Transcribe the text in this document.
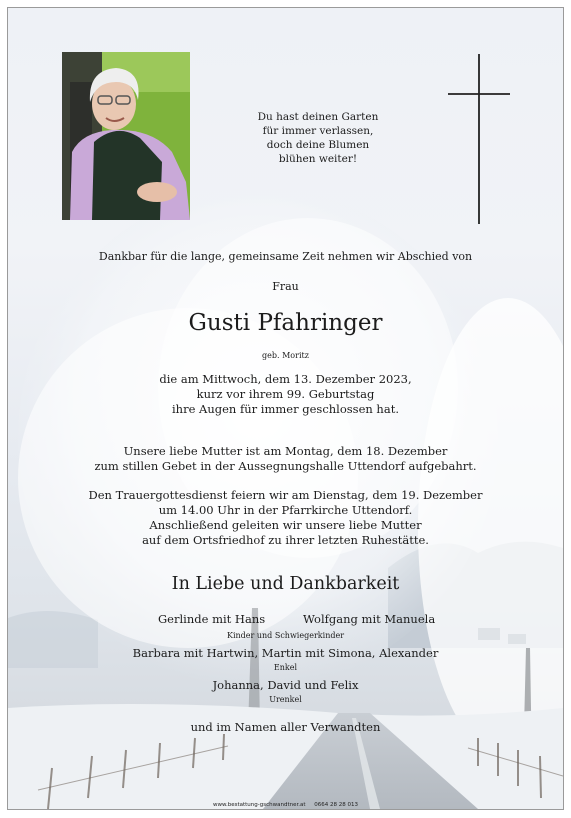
Du hast deinen Garten
für immer verlassen,
doch deine Blumen
blühen weiter!
Dankbar für die lange, gemeinsame Zeit nehmen wir Abschied von
Frau
Gusti Pfahringer
geb. Moritz
die am Mittwoch, dem 13. Dezember 2023,
kurz vor ihrem 99. Geburtstag
ihre Augen für immer geschlossen hat.
Unsere liebe Mutter ist am Montag, dem 18. Dezember
zum stillen Gebet in der Aussegnungshalle Uttendorf aufgebahrt.
Den Trauergottesdienst feiern wir am Dienstag, dem 19. Dezember
um 14.00 Uhr in der Pfarrkirche Uttendorf.
Anschließend geleiten wir unsere liebe Mutter
auf dem Ortsfriedhof zu ihrer letzten Ruhestätte.
In Liebe und Dankbarkeit
Gerlinde mit Hans	Wolfgang mit Manuela
Kinder und Schwiegerkinder
Barbara mit Hartwin, Martin mit Simona, Alexander
Enkel
Johanna, David und Felix
Urenkel
und im Namen aller Verwandten
www.bestattung-gschwandtner.at     0664 28 28 013
